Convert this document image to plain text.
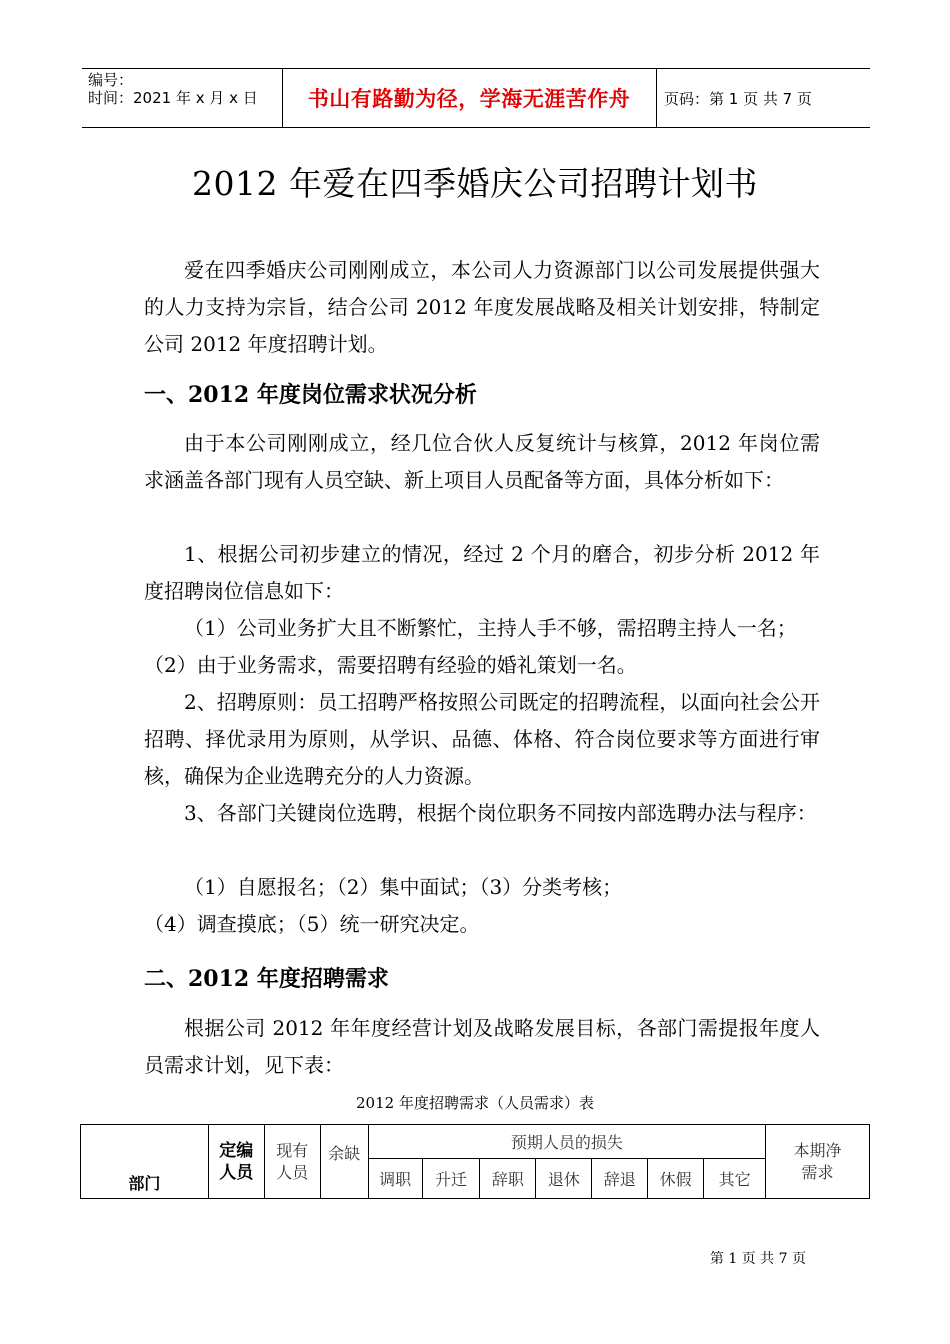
编号：
时间：2021 年 x 月 x 日	书山有路勤为径，学海无涯苦作舟	页码：第 1 页 共 7 页
2012 年爱在四季婚庆公司招聘计划书

爱在四季婚庆公司刚刚成立，本公司人力资源部门以公司发展提供强大的人力支持为宗旨，结合公司 2012 年度发展战略及相关计划安排，特制定公司 2012 年度招聘计划。

一、2012 年度岗位需求状况分析

由于本公司刚刚成立，经几位合伙人反复统计与核算，2012 年岗位需求涵盖各部门现有人员空缺、新上项目人员配备等方面，具体分析如下：

1、根据公司初步建立的情况，经过 2 个月的磨合，初步分析 2012 年度招聘岗位信息如下：

（1）公司业务扩大且不断繁忙，主持人手不够，需招聘主持人一名；

（2）由于业务需求，需要招聘有经验的婚礼策划一名。

2、招聘原则：员工招聘严格按照公司既定的招聘流程，以面向社会公开招聘、择优录用为原则，从学识、品德、体格、符合岗位要求等方面进行审核，确保为企业选聘充分的人力资源。

3、各部门关键岗位选聘，根据个岗位职务不同按内部选聘办法与程序：

（1）自愿报名；（2）集中面试；（3）分类考核；

（4）调查摸底；（5）统一研究决定。

二、2012 年度招聘需求

根据公司 2012 年年度经营计划及战略发展目标，各部门需提报年度人员需求计划，见下表：

2012 年度招聘需求（人员需求）表
部门	定编人员	现有人员	余缺	预期人员的损失							本期净需求
				调职	升迁	辞职	退休	辞退	休假	其它	
第 1 页 共 7 页
